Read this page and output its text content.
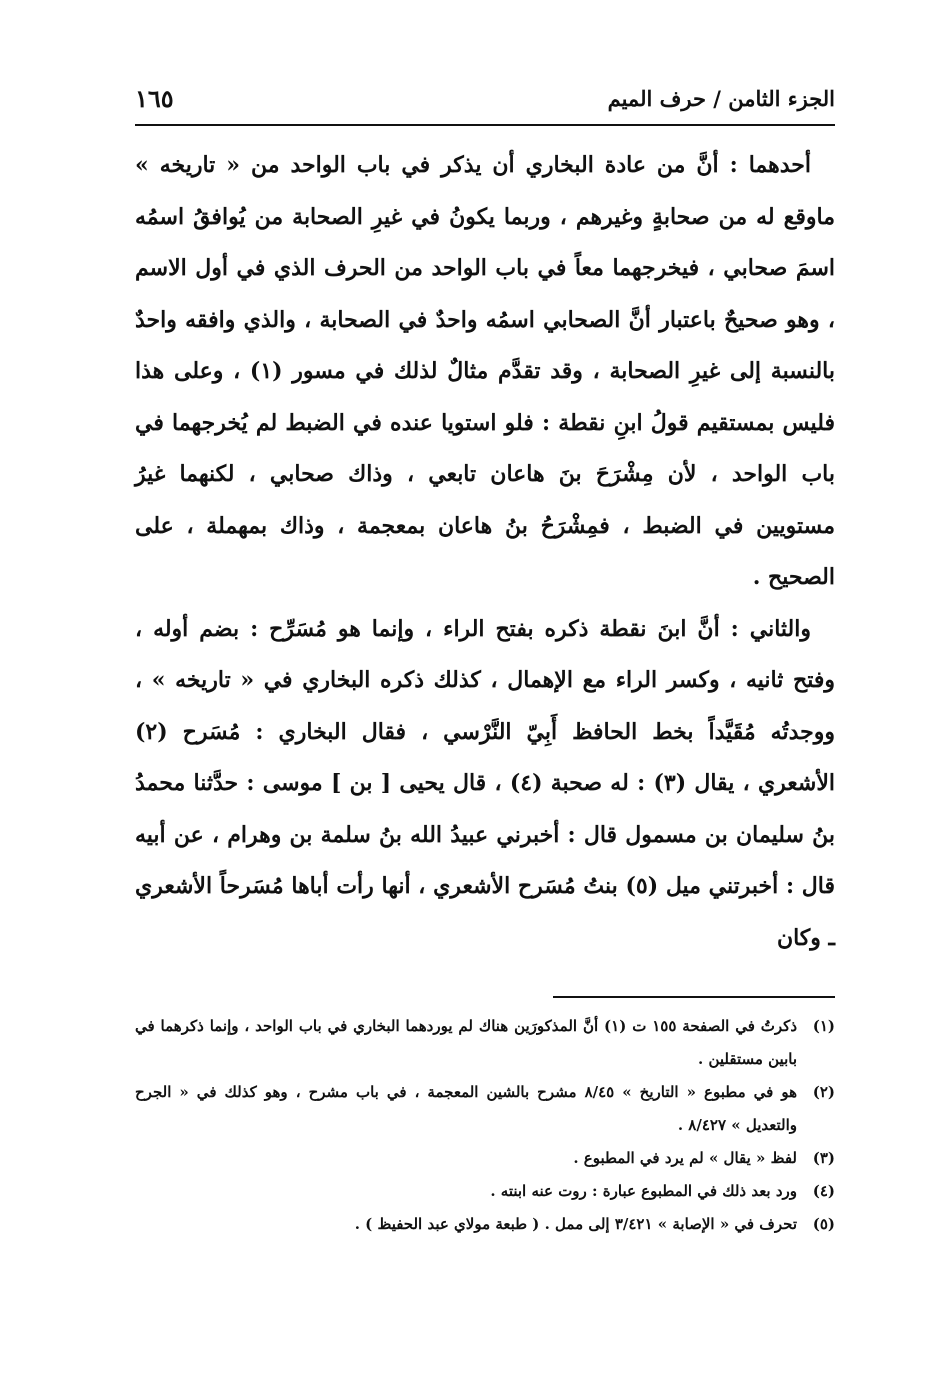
الجزء الثامن / حرف الميم
١٦٥

أحدهما : أنَّ من عادة البخاري أن يذكر في باب الواحد من « تاريخه » ماوقع له من صحابةٍ وغيرهم ، وربما يكونُ في غيرِ الصحابة من يُوافقُ اسمُه اسمَ صحابي ، فيخرجهما معاً في باب الواحد من الحرف الذي في أول الاسم ، وهو صحيحٌ باعتبار أنَّ الصحابي اسمُه واحدٌ في الصحابة ، والذي وافقه واحدٌ بالنسبة إلى غيرِ الصحابة ، وقد تقدَّم مثالٌ لذلك في مسور (١) ، وعلى هذا فليس بمستقيم قولُ ابنِ نقطة : فلو استويا عنده في الضبط لم يُخرجهما في باب الواحد ، لأن مِشْرَحَ بنَ هاعان تابعي ، وذاك صحابي ، لكنهما غيرُ مستويين في الضبط ، فمِشْرَحُ بنُ هاعان بمعجمة ، وذاك بمهملة ، على الصحيح .

والثاني : أنَّ ابنَ نقطة ذكره بفتح الراء ، وإنما هو مُسَرِّح : بضم أوله ، وفتح ثانيه ، وكسر الراء مع الإهمال ، كذلك ذكره البخاري في « تاريخه » ، ووجدتُه مُقَيَّداً بخط الحافظ أَبِيّ النَّرْسي ، فقال البخاري : مُسَرح (٢) الأشعري ، يقال (٣) : له صحبة (٤) ، قال يحيى [ بن ] موسى : حدَّثنا محمدُ بنُ سليمان بن مسمول قال : أخبرني عبيدُ الله بنُ سلمة بن وهرام ، عن أبيه قال : أخبرتني ميل (٥) بنتُ مُسَرح الأشعري ، أنها رأت أباها مُسَرحاً الأشعري ـ وكان

(١)
ذكرتُ في الصفحة ١٥٥ ت (١) أنَّ المذكورَين هناك لم يوردهما البخاري في باب الواحد ، وإنما ذكرهما في بابين مستقلين .
(٢)
هو في مطبوع « التاريخ » ٨/٤٥ مشرح بالشين المعجمة ، في باب مشرح ، وهو كذلك في « الجرح والتعديل » ٨/٤٢٧ .
(٣)
لفظ « يقال » لم يرد في المطبوع .
(٤)
ورد بعد ذلك في المطبوع عبارة : روت عنه ابنته .
(٥)
تحرف في « الإصابة » ٣/٤٢١ إلى ممل . ( طبعة مولاي عبد الحفيظ ) .
